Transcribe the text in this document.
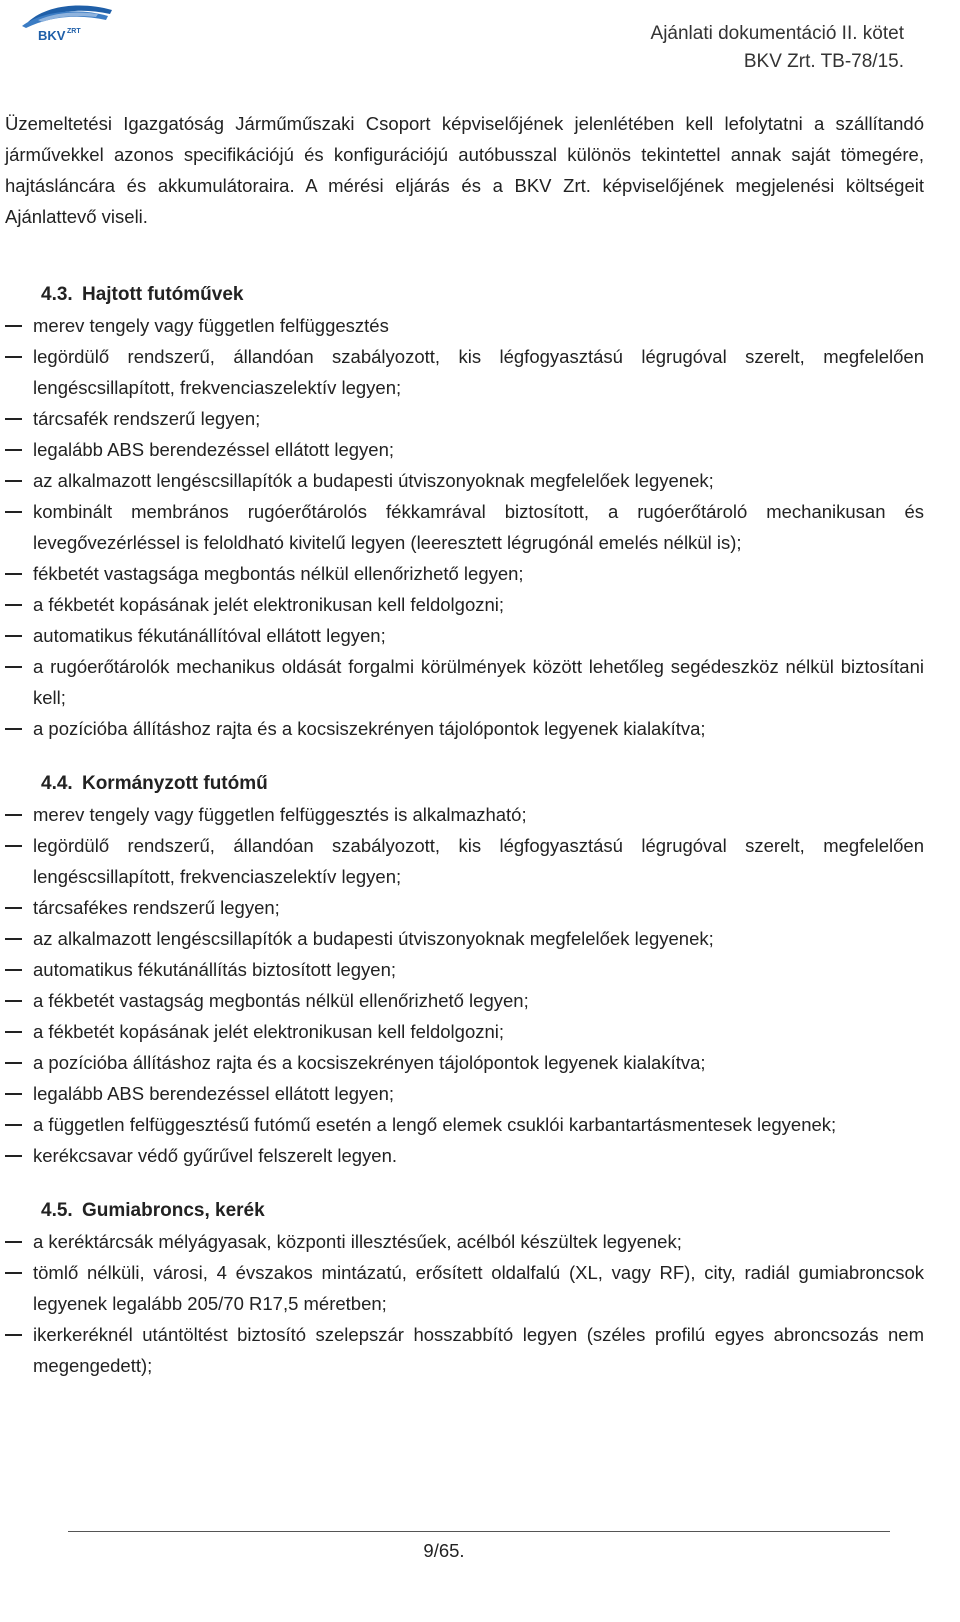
BKV ZRT	Ajánlati dokumentáció II. kötet
BKV Zrt. TB-78/15.

Üzemeltetési Igazgatóság Járműműszaki Csoport képviselőjének jelenlétében kell lefolytatni a szállítandó járművekkel azonos specifikációjú és konfigurációjú autóbusszal különös tekintettel annak saját tömegére, hajtásláncára és akkumulátoraira. A mérési eljárás és a BKV Zrt. képviselőjének megjelenési költségeit Ajánlattevő viseli.

4.3. Hajtott futóművek
merev tengely vagy független felfüggesztés
legördülő rendszerű, állandóan szabályozott, kis légfogyasztású légrugóval szerelt, megfelelően lengéscsillapított, frekvenciaszelektív legyen;
tárcsafék rendszerű legyen;
legalább ABS berendezéssel ellátott legyen;
az alkalmazott lengéscsillapítók a budapesti útviszonyoknak megfelelőek legyenek;
kombinált membrános rugóerőtárolós fékkamrával biztosított, a rugóerőtároló mechanikusan és levegővezérléssel is feloldható kivitelű legyen (leeresztett légrugónál emelés nélkül is);
fékbetét vastagsága megbontás nélkül ellenőrizhető legyen;
a fékbetét kopásának jelét elektronikusan kell feldolgozni;
automatikus fékutánállítóval ellátott legyen;
a rugóerőtárolók mechanikus oldását forgalmi körülmények között lehetőleg segédeszköz nélkül biztosítani kell;
a pozícióba állításhoz rajta és a kocsiszekrényen tájolópontok legyenek kialakítva;
4.4. Kormányzott futómű
merev tengely vagy független felfüggesztés is alkalmazható;
legördülő rendszerű, állandóan szabályozott, kis légfogyasztású légrugóval szerelt, megfelelően lengéscsillapított, frekvenciaszelektív legyen;
tárcsafékes rendszerű legyen;
az alkalmazott lengéscsillapítók a budapesti útviszonyoknak megfelelőek legyenek;
automatikus fékutánállítás biztosított legyen;
a fékbetét vastagság megbontás nélkül ellenőrizhető legyen;
a fékbetét kopásának jelét elektronikusan kell feldolgozni;
a pozícióba állításhoz rajta és a kocsiszekrényen tájolópontok legyenek kialakítva;
legalább ABS berendezéssel ellátott legyen;
a független felfüggesztésű futómű esetén a lengő elemek csuklói karbantartásmentesek legyenek;
kerékcsavar védő gyűrűvel felszerelt legyen.
4.5. Gumiabroncs, kerék
a keréktárcsák mélyágyasak, központi illesztésűek, acélból készültek legyenek;
tömlő nélküli, városi, 4 évszakos mintázatú, erősített oldalfalú (XL, vagy RF), city, radiál gumiabroncsok legyenek legalább 205/70 R17,5 méretben;
ikerkeréknél utántöltést biztosító szelepszár hosszabbító legyen (széles profilú egyes abroncsozás nem megengedett);
9/65.
